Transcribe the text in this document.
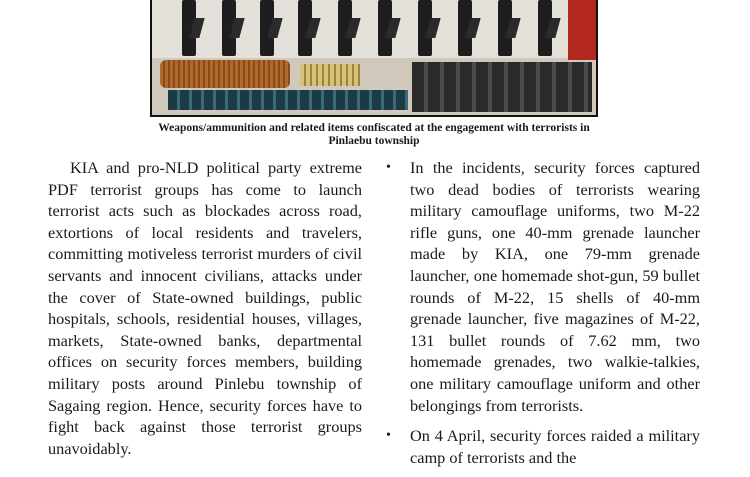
Weapons/ammunition and related items confiscated at the engagement with terrorists in Pinlaebu township

KIA and pro-NLD political party extreme PDF terrorist groups has come to launch terrorist acts such as blockades across road, extortions of local residents and travelers, committing motiveless terrorist murders of civil servants and innocent civilians, attacks under the cover of State-owned buildings, public hospitals, schools, residential houses, villages, markets, State-owned banks, departmental offices on security forces members, building military posts around Pinlebu township of Sagaing region. Hence, security forces have to fight back against those terrorist groups unavoidably.

• In the incidents, security forces captured two dead bodies of terrorists wearing military camouflage uniforms, two M-22 rifle guns, one 40-mm grenade launcher made by KIA, one 79-mm grenade launcher, one homemade shot-gun, 59 bullet rounds of M-22, 15 shells of 40-mm grenade launcher, five magazines of M-22, 131 bullet rounds of 7.62 mm, two homemade grenades, two walkie-talkies, one military camouflage uniform and other belongings from terrorists.

• On 4 April, security forces raided a military camp of terrorists and the
